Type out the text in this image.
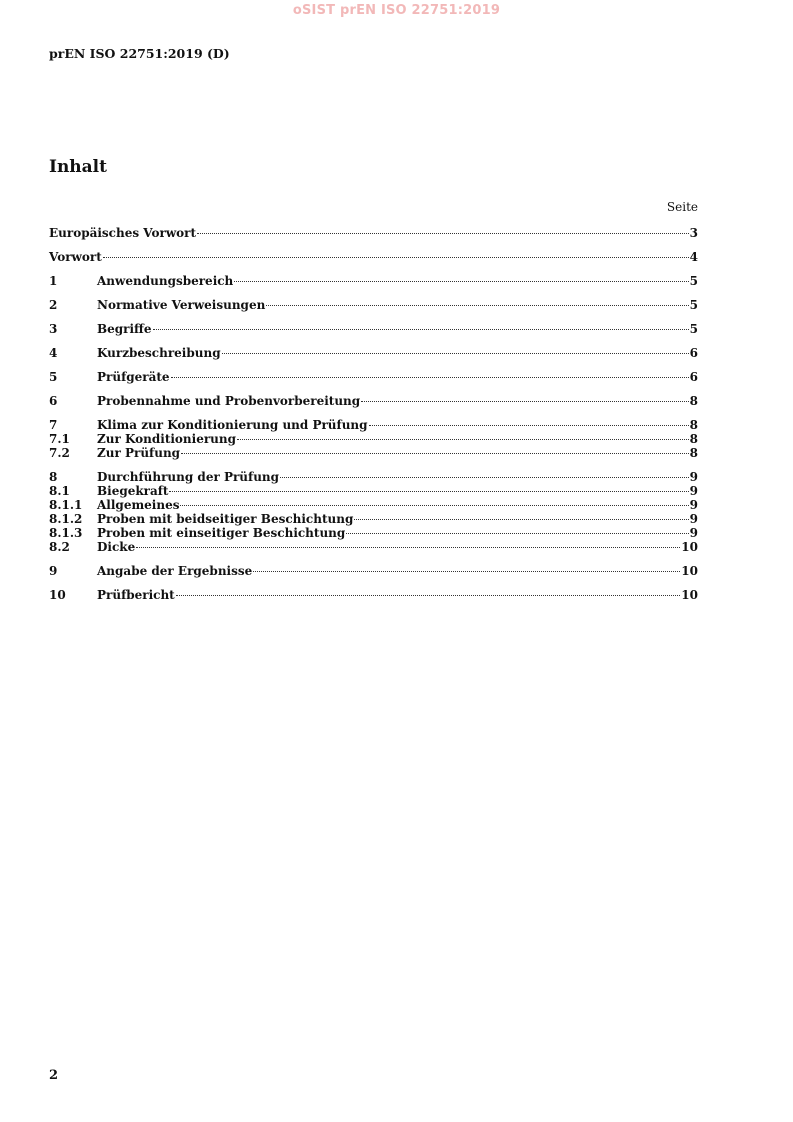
oSIST prEN ISO 22751:2019
prEN ISO 22751:2019 (D)
Inhalt
Seite
Europäisches Vorwort	3
Vorwort	4
1	Anwendungsbereich	5
2	Normative Verweisungen	5
3	Begriffe	5
4	Kurzbeschreibung	6
5	Prüfgeräte	6
6	Probennahme und Probenvorbereitung	8
7	Klima zur Konditionierung und Prüfung	8
7.1	Zur Konditionierung	8
7.2	Zur Prüfung	8
8	Durchführung der Prüfung	9
8.1	Biegekraft	9
8.1.1	Allgemeines	9
8.1.2	Proben mit beidseitiger Beschichtung	9
8.1.3	Proben mit einseitiger Beschichtung	9
8.2	Dicke	10
9	Angabe der Ergebnisse	10
10	Prüfbericht	10
2
